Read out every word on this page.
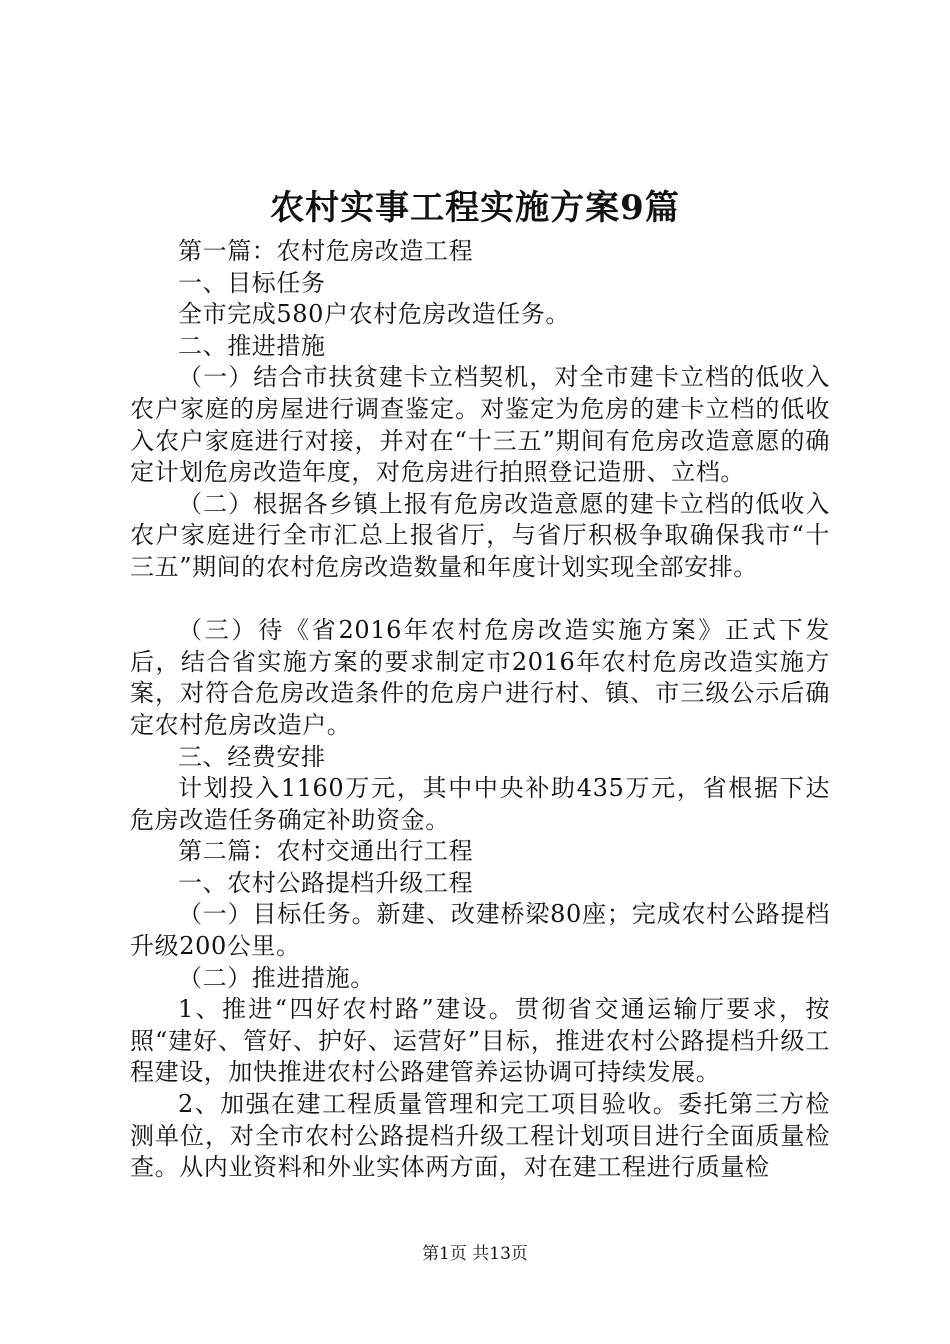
农村实事工程实施方案9篇

第一篇：农村危房改造工程

一、目标任务

全市完成580户农村危房改造任务。

二、推进措施

（一）结合市扶贫建卡立档契机，对全市建卡立档的低收入农户家庭的房屋进行调查鉴定。对鉴定为危房的建卡立档的低收入农户家庭进行对接，并对在“十三五”期间有危房改造意愿的确定计划危房改造年度，对危房进行拍照登记造册、立档。

（二）根据各乡镇上报有危房改造意愿的建卡立档的低收入农户家庭进行全市汇总上报省厅，与省厅积极争取确保我市“十三五”期间的农村危房改造数量和年度计划实现全部安排。

（三）待《省2016年农村危房改造实施方案》正式下发后，结合省实施方案的要求制定市2016年农村危房改造实施方案，对符合危房改造条件的危房户进行村、镇、市三级公示后确定农村危房改造户。

三、经费安排

计划投入1160万元，其中中央补助435万元，省根据下达危房改造任务确定补助资金。

第二篇：农村交通出行工程

一、农村公路提档升级工程

（一）目标任务。新建、改建桥梁80座；完成农村公路提档升级200公里。

（二）推进措施。

1、推进“四好农村路”建设。贯彻省交通运输厅要求，按照“建好、管好、护好、运营好”目标，推进农村公路提档升级工程建设，加快推进农村公路建管养运协调可持续发展。

2、加强在建工程质量管理和完工项目验收。委托第三方检测单位，对全市农村公路提档升级工程计划项目进行全面质量检查。从内业资料和外业实体两方面，对在建工程进行质量检

第1页 共13页
